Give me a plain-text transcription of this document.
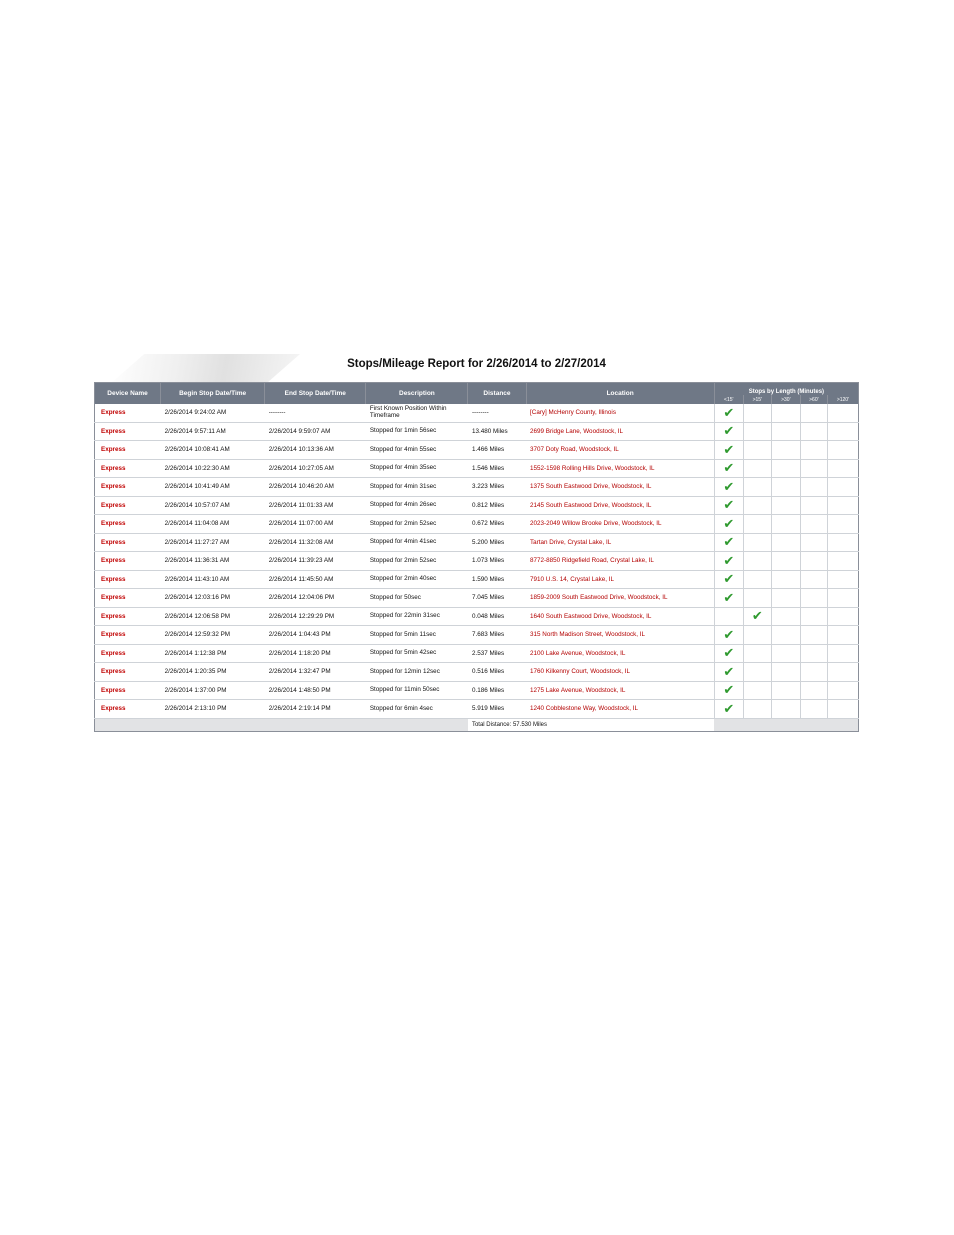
Stops/Mileage Report for 2/26/2014 to 2/27/2014
Device Name	Begin Stop Date/Time	End Stop Date/Time	Description	Distance	Location	Stops by Length (Minutes)				
						<15'	>15'	>30'	>60'	>120'
Express	2/26/2014 9:24:02 AM	--------	First Known Position Within Timeframe	--------	[Cary] McHenry County, Illinois	✔				
Express	2/26/2014 9:57:11 AM	2/26/2014 9:59:07 AM	Stopped for 1min 56sec	13.480 Miles	2699 Bridge Lane, Woodstock, IL	✔				
Express	2/26/2014 10:08:41 AM	2/26/2014 10:13:36 AM	Stopped for 4min 55sec	1.466 Miles	3707 Doty Road, Woodstock, IL	✔				
Express	2/26/2014 10:22:30 AM	2/26/2014 10:27:05 AM	Stopped for 4min 35sec	1.546 Miles	1552-1598 Rolling Hills Drive, Woodstock, IL	✔				
Express	2/26/2014 10:41:49 AM	2/26/2014 10:46:20 AM	Stopped for 4min 31sec	3.223 Miles	1375 South Eastwood Drive, Woodstock, IL	✔				
Express	2/26/2014 10:57:07 AM	2/26/2014 11:01:33 AM	Stopped for 4min 26sec	0.812 Miles	2145 South Eastwood Drive, Woodstock, IL	✔				
Express	2/26/2014 11:04:08 AM	2/26/2014 11:07:00 AM	Stopped for 2min 52sec	0.672 Miles	2023-2049 Willow Brooke Drive, Woodstock, IL	✔				
Express	2/26/2014 11:27:27 AM	2/26/2014 11:32:08 AM	Stopped for 4min 41sec	5.200 Miles	Tartan Drive, Crystal Lake, IL	✔				
Express	2/26/2014 11:36:31 AM	2/26/2014 11:39:23 AM	Stopped for 2min 52sec	1.073 Miles	8772-8850 Ridgefield Road, Crystal Lake, IL	✔				
Express	2/26/2014 11:43:10 AM	2/26/2014 11:45:50 AM	Stopped for 2min 40sec	1.590 Miles	7910 U.S. 14, Crystal Lake, IL	✔				
Express	2/26/2014 12:03:16 PM	2/26/2014 12:04:06 PM	Stopped for 50sec	7.045 Miles	1859-2009 South Eastwood Drive, Woodstock, IL	✔				
Express	2/26/2014 12:06:58 PM	2/26/2014 12:29:29 PM	Stopped for 22min 31sec	0.048 Miles	1640 South Eastwood Drive, Woodstock, IL		✔			
Express	2/26/2014 12:59:32 PM	2/26/2014 1:04:43 PM	Stopped for 5min 11sec	7.683 Miles	315 North Madison Street, Woodstock, IL	✔				
Express	2/26/2014 1:12:38 PM	2/26/2014 1:18:20 PM	Stopped for 5min 42sec	2.537 Miles	2100 Lake Avenue, Woodstock, IL	✔				
Express	2/26/2014 1:20:35 PM	2/26/2014 1:32:47 PM	Stopped for 12min 12sec	0.516 Miles	1760 Kilkenny Court, Woodstock, IL	✔				
Express	2/26/2014 1:37:00 PM	2/26/2014 1:48:50 PM	Stopped for 11min 50sec	0.186 Miles	1275 Lake Avenue, Woodstock, IL	✔				
Express	2/26/2014 2:13:10 PM	2/26/2014 2:19:14 PM	Stopped for 6min 4sec	5.919 Miles	1240 Cobblestone Way, Woodstock, IL	✔				
				Total Distance: 57.530 Miles						
